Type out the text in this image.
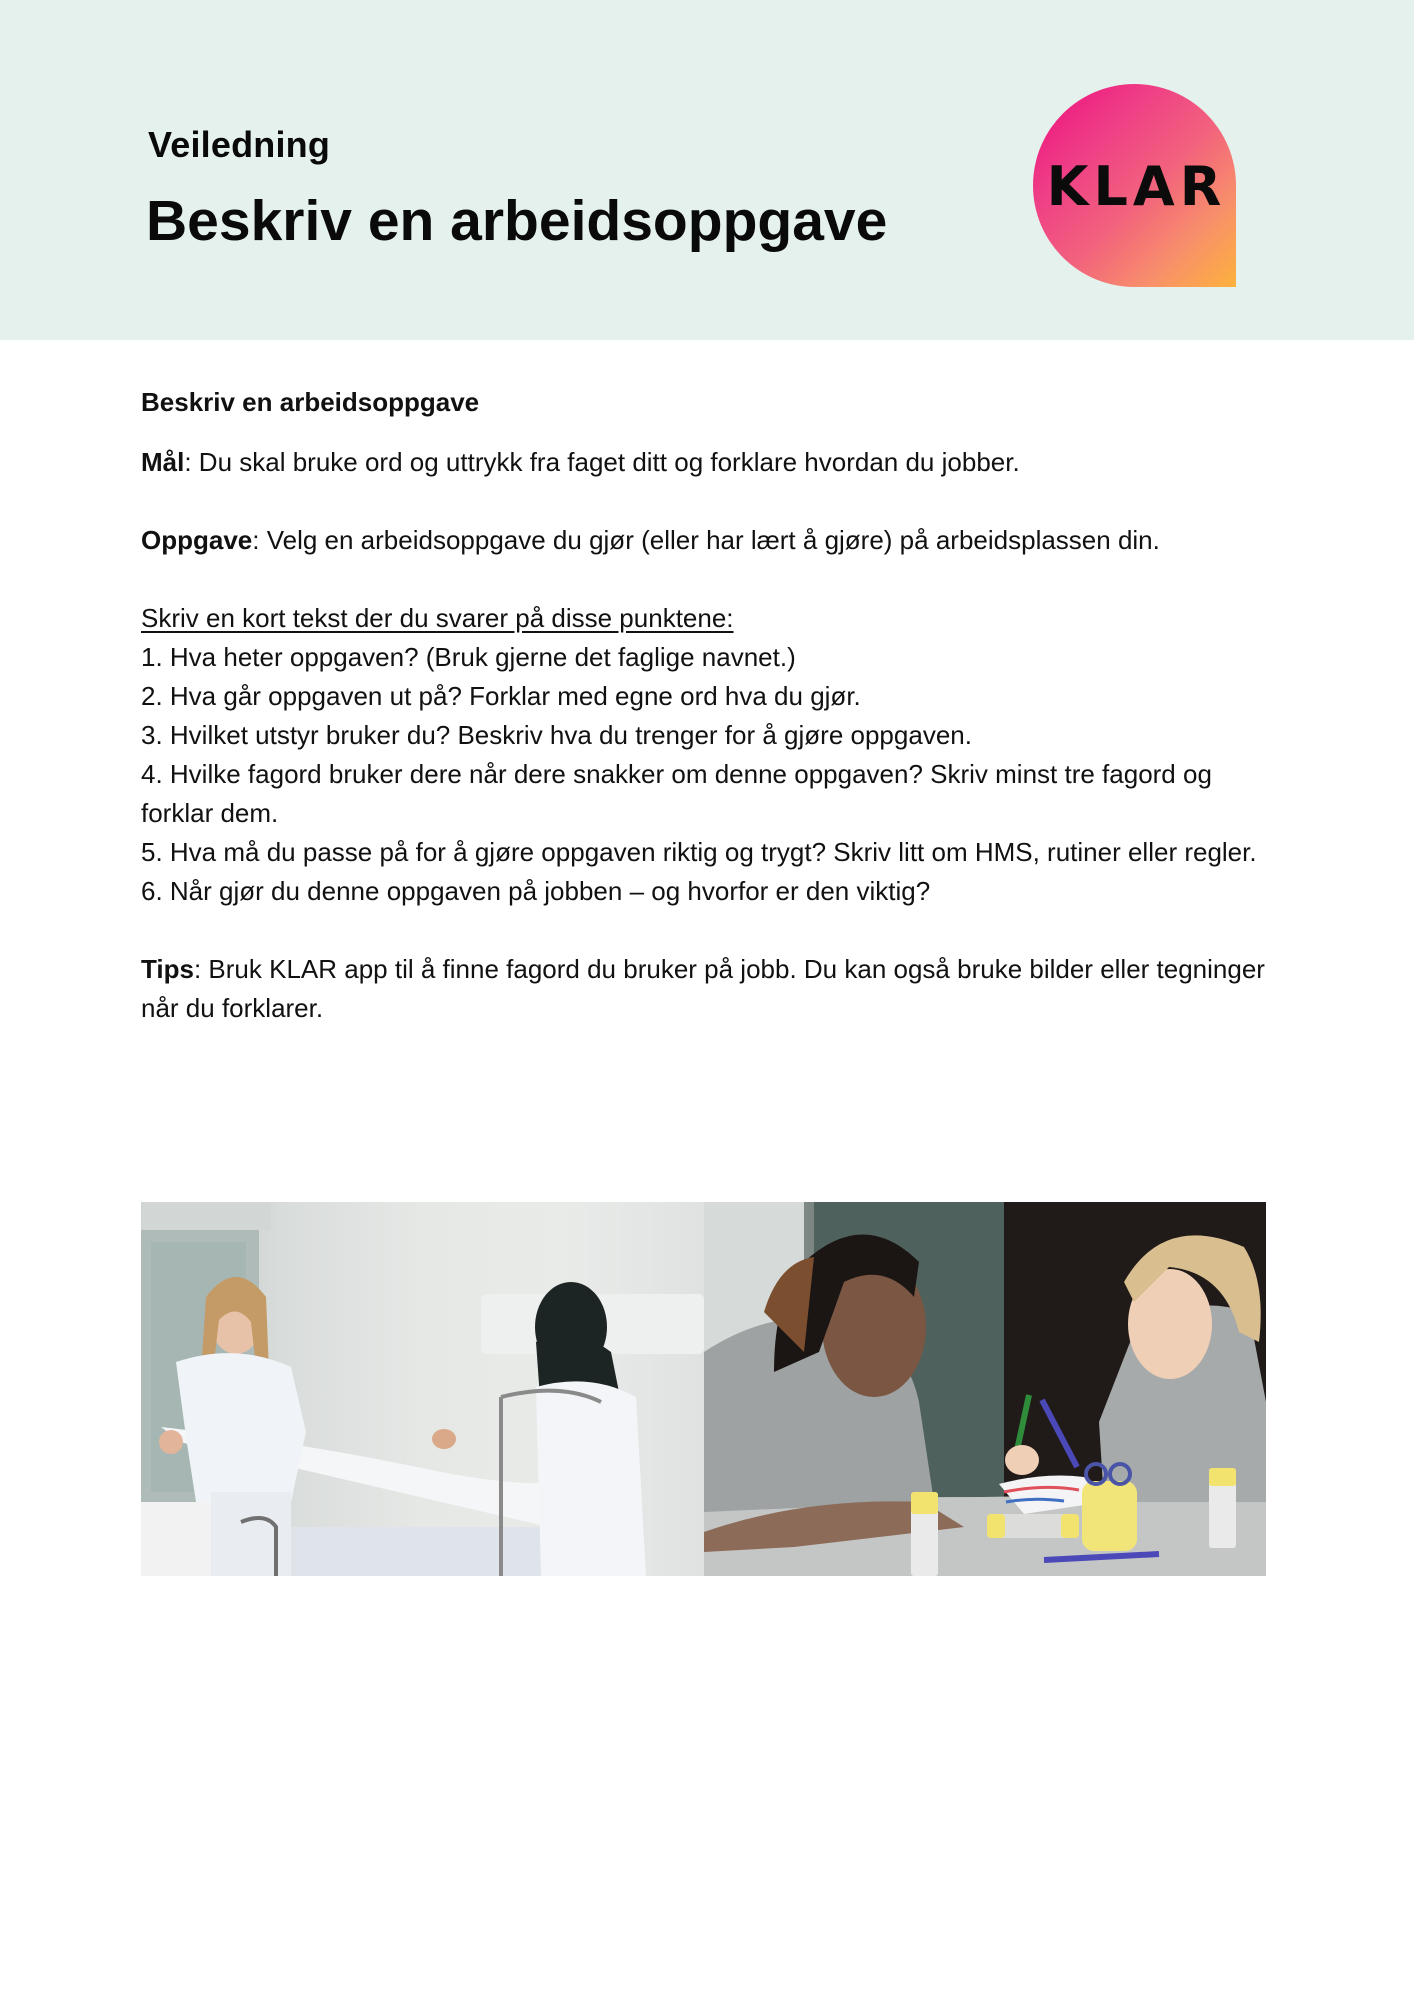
Veiledning
Beskriv en arbeidsoppgave
KLAR
Beskriv en arbeidsoppgave

Mål: Du skal bruke ord og uttrykk fra faget ditt og forklare hvordan du jobber.

Oppgave: Velg en arbeidsoppgave du gjør (eller har lært å gjøre) på arbeidsplassen din.

Skriv en kort tekst der du svarer på disse punktene:

1. Hva heter oppgaven? (Bruk gjerne det faglige navnet.)
2. Hva går oppgaven ut på? Forklar med egne ord hva du gjør.
3. Hvilket utstyr bruker du? Beskriv hva du trenger for å gjøre oppgaven.
4. Hvilke fagord bruker dere når dere snakker om denne oppgaven? Skriv minst tre fagord og forklar dem.
5. Hva må du passe på for å gjøre oppgaven riktig og trygt? Skriv litt om HMS, rutiner eller regler.
6. Når gjør du denne oppgaven på jobben – og hvorfor er den viktig?

Tips: Bruk KLAR app til å finne fagord du bruker på jobb. Du kan også bruke bilder eller tegninger når du forklarer.
